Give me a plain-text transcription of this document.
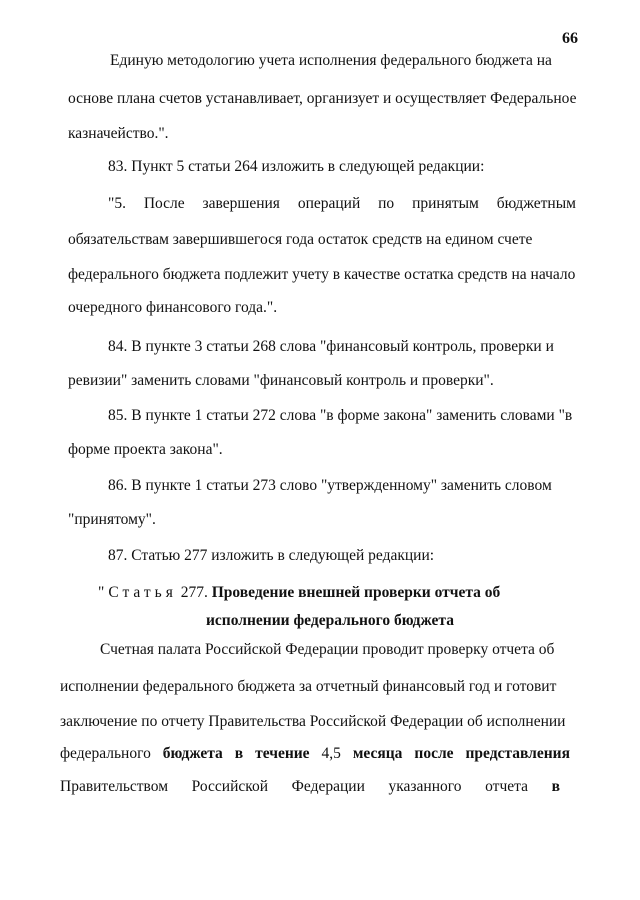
66
Единую методологию учета исполнения федерального бюджета на
основе плана счетов устанавливает, организует и осуществляет Федеральное
казначейство.".
83. Пункт 5 статьи 264 изложить в следующей редакции:
"5. После завершения операций по принятым бюджетным
обязательствам завершившегося года остаток средств на едином счете
федерального бюджета подлежит учету в качестве остатка средств на начало
очередного финансового года.".
84. В пункте 3 статьи 268 слова "финансовый контроль, проверки и
ревизии" заменить словами "финансовый контроль и проверки".
85. В пункте 1 статьи 272 слова "в форме закона" заменить словами "в
форме проекта закона".
86. В пункте 1 статьи 273 слово "утвержденному" заменить словом
"принятому".
87. Статью 277 изложить в следующей редакции:
"Статья 277. Проведение внешней проверки отчета об
исполнении федерального бюджета
Счетная палата Российской Федерации проводит проверку отчета об
исполнении федерального бюджета за отчетный финансовый год и готовит
заключение по отчету Правительства Российской Федерации об исполнении
федерального бюджета в течение 4,5 месяца после представления
Правительством Российской Федерации указанного отчета в
